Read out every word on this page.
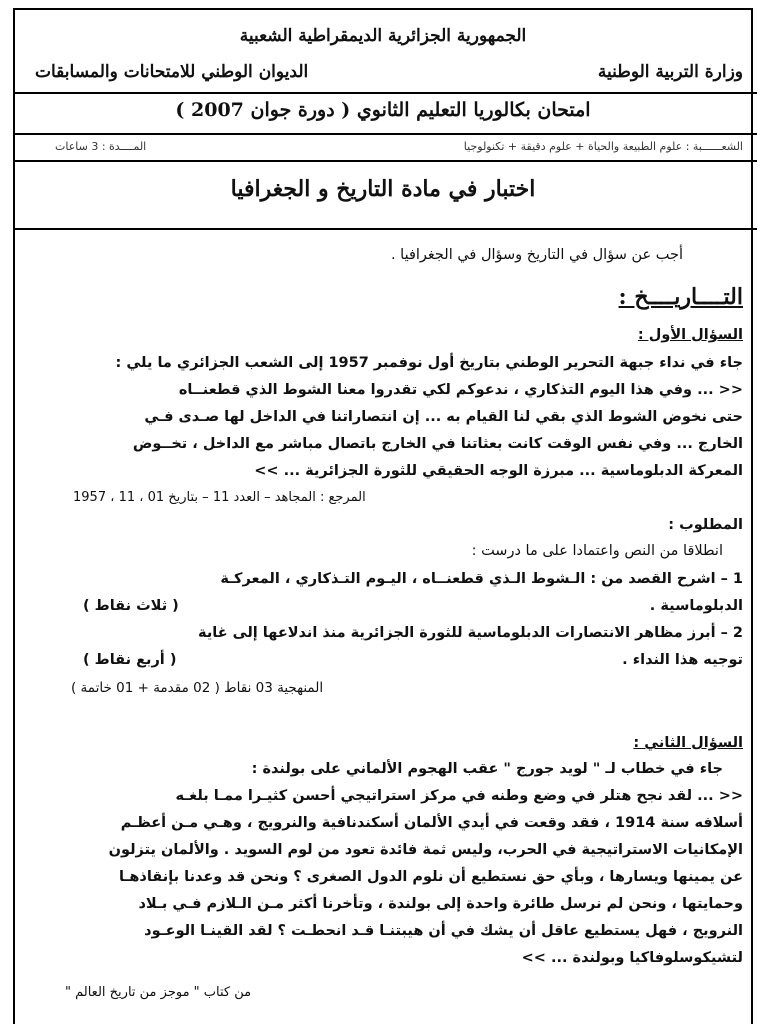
الجمهورية الجزائرية الديمقراطية الشعبية
وزارة التربية الوطنية
الديوان الوطني للامتحانات والمسابقات
امتحان بكالوريا التعليم الثانوي ( دورة جوان 2007 )
الشعــــــبة : علوم الطبيعة والحياة + علوم دقيقة + تكنولوجيا
المــــدة : 3 ساعات
اختبار في مادة التاريخ و الجغرافيا
أجب عن سؤال في التاريخ وسؤال في الجغرافيا .
التــــاريــــخ :
السؤال الأول :
جاء في نداء جبهة التحرير الوطني بتاريخ أول نوفمبر 1957 إلى الشعب الجزائري ما يلي :
<< ... وفي هذا اليوم التذكاري ، ندعوكم لكي تقدروا معنا الشوط الذي قطعنــاه
حتى نخوض الشوط الذي بقي لنا القيام به ... إن انتصاراتنا في الداخل لها صـدى فـي
الخارج ... وفي نفس الوقت كانت بعثاتنا في الخارج باتصال مباشر مع الداخل ، تخــوض
المعركة الدبلوماسية ... مبرزة الوجه الحقيقي للثورة الجزائرية ... >>
المرجع : المجاهد – العدد 11 – بتاريخ 01 ، 11 ، 1957
المطلوب :
انطلاقا من النص واعتمادا على ما درست :
1 – اشرح القصد من : الـشوط الـذي قطعنــاه ، اليـوم التـذكاري ، المعركـة
الدبلوماسية .
( ثلاث نقاط )
2 – أبرز مظاهر الانتصارات الدبلوماسية للثورة الجزائرية منذ اندلاعها إلى غاية
توجيه هذا النداء .
( أربع نقاط )
المنهجية 03 نقاط ( 02 مقدمة + 01 خاتمة )
السؤال الثاني :
جاء في خطاب لـ " لويد جورج " عقب الهجوم الألماني على بولندة :
<< ... لقد نجح هتلر في وضع وطنه في مركز استراتيجي أحسن كثيـرا ممـا بلغـه
أسلافه سنة 1914 ، فقد وقعت في أيدي الألمان أسكندنافية والنرويج ، وهـي مـن أعظـم
الإمكانيات الاستراتيجية في الحرب، وليس ثمة فائدة تعود من لوم السويد . والألمان يتزلون
عن يمينها ويسارها ، وبأي حق نستطيع أن نلوم الدول الصغرى ؟ ونحن قد وعدنا بإنقاذهـا
وحمايتها ، ونحن لم نرسل طائرة واحدة إلى بولندة ، وتأخرنا أكثر مـن الـلازم فـي بـلاد
النرويج ، فهل يستطيع عاقل أن يشك في أن هيبتنـا قـد انحطـت ؟ لقد القينـا الوعـود
لتشيكوسلوفاكيا وبولندة ... >>
من كتاب " موجز من تاريخ العالم "
